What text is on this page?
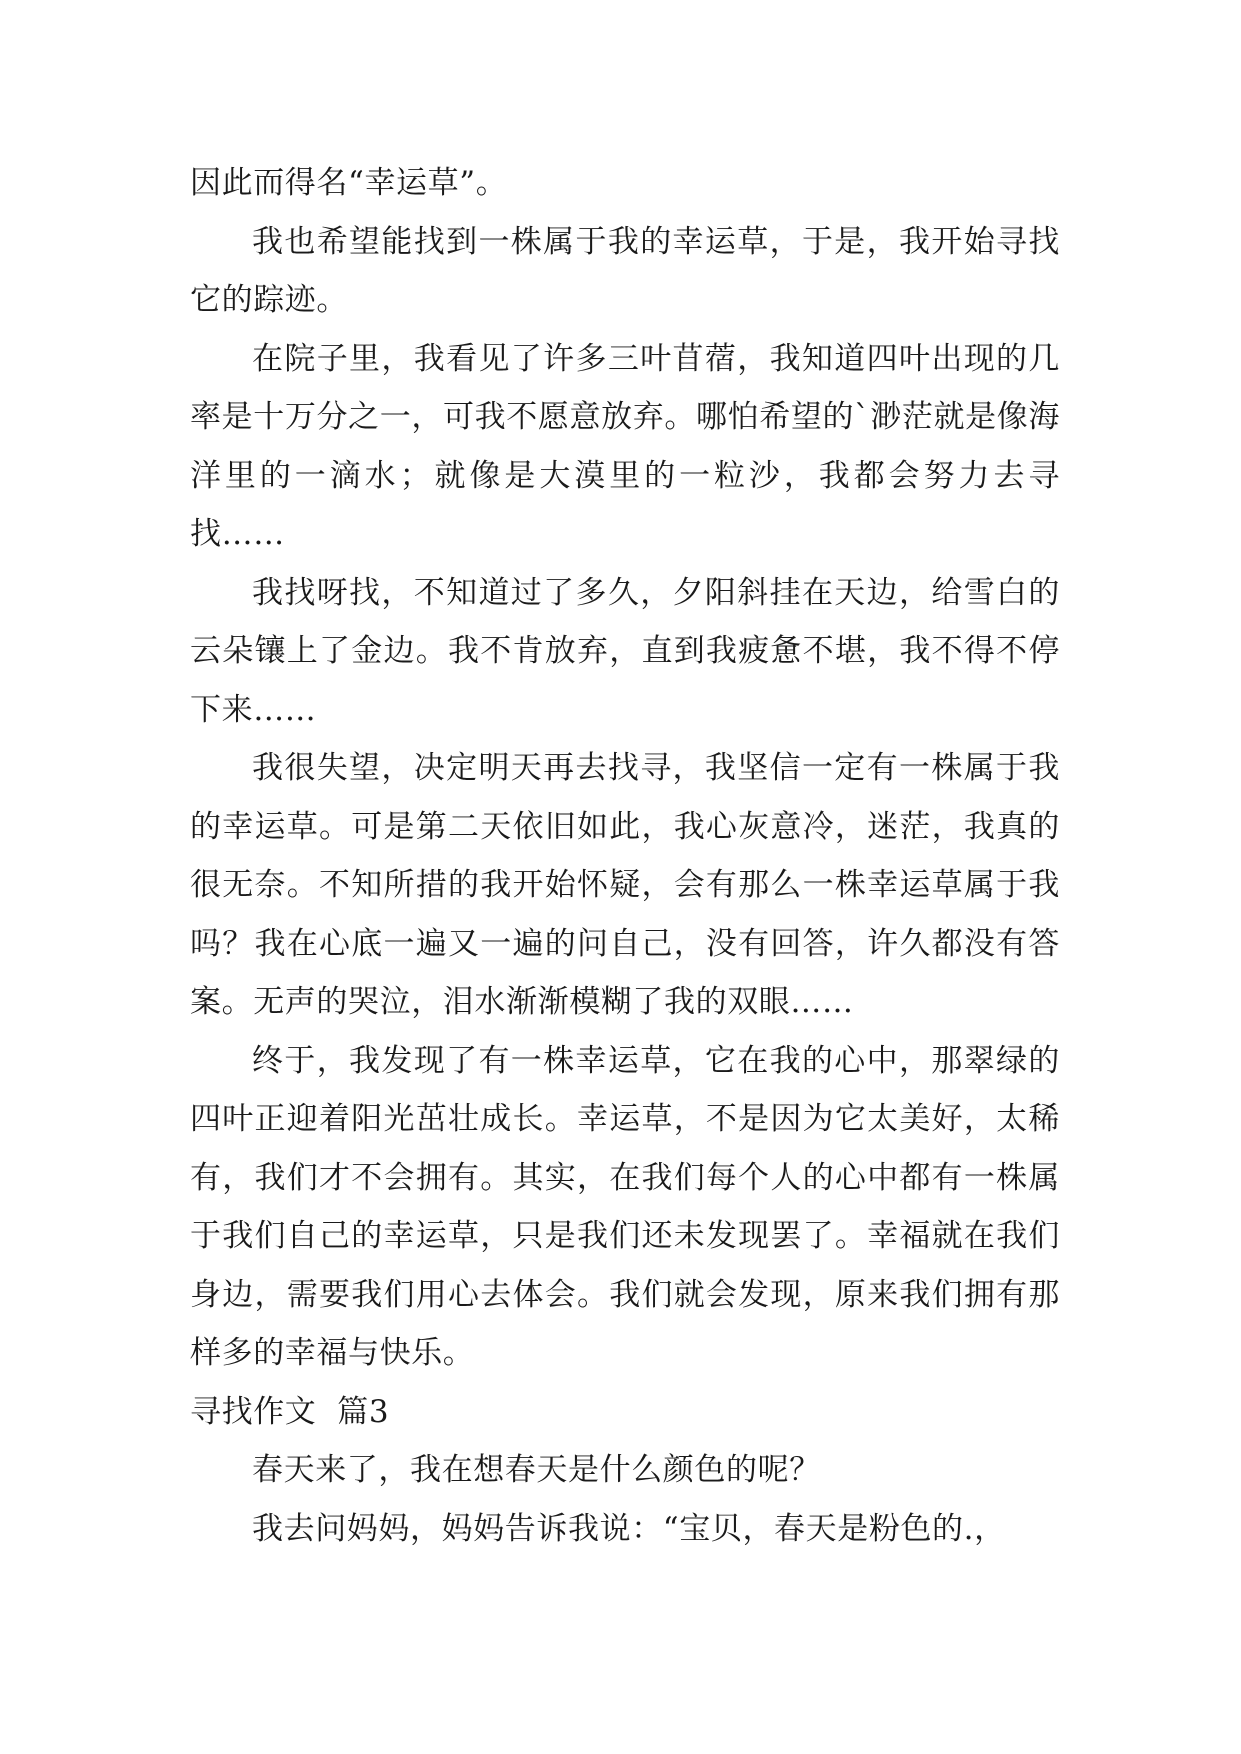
因此而得名“幸运草”。

我也希望能找到一株属于我的幸运草，于是，我开始寻找它的踪迹。

在院子里，我看见了许多三叶苜蓿，我知道四叶出现的几率是十万分之一，可我不愿意放弃。哪怕希望的`渺茫就是像海洋里的一滴水；就像是大漠里的一粒沙，我都会努力去寻找……

我找呀找，不知道过了多久，夕阳斜挂在天边，给雪白的云朵镶上了金边。我不肯放弃，直到我疲惫不堪，我不得不停下来……

我很失望，决定明天再去找寻，我坚信一定有一株属于我的幸运草。可是第二天依旧如此，我心灰意冷，迷茫，我真的很无奈。不知所措的我开始怀疑，会有那么一株幸运草属于我吗？我在心底一遍又一遍的问自己，没有回答，许久都没有答案。无声的哭泣，泪水渐渐模糊了我的双眼……

终于，我发现了有一株幸运草，它在我的心中，那翠绿的四叶正迎着阳光茁壮成长。幸运草，不是因为它太美好，太稀有，我们才不会拥有。其实，在我们每个人的心中都有一株属于我们自己的幸运草，只是我们还未发现罢了。幸福就在我们身边，需要我们用心去体会。我们就会发现，原来我们拥有那样多的幸福与快乐。

寻找作文  篇3

春天来了，我在想春天是什么颜色的呢？

我去问妈妈，妈妈告诉我说：“宝贝，春天是粉色的.，
